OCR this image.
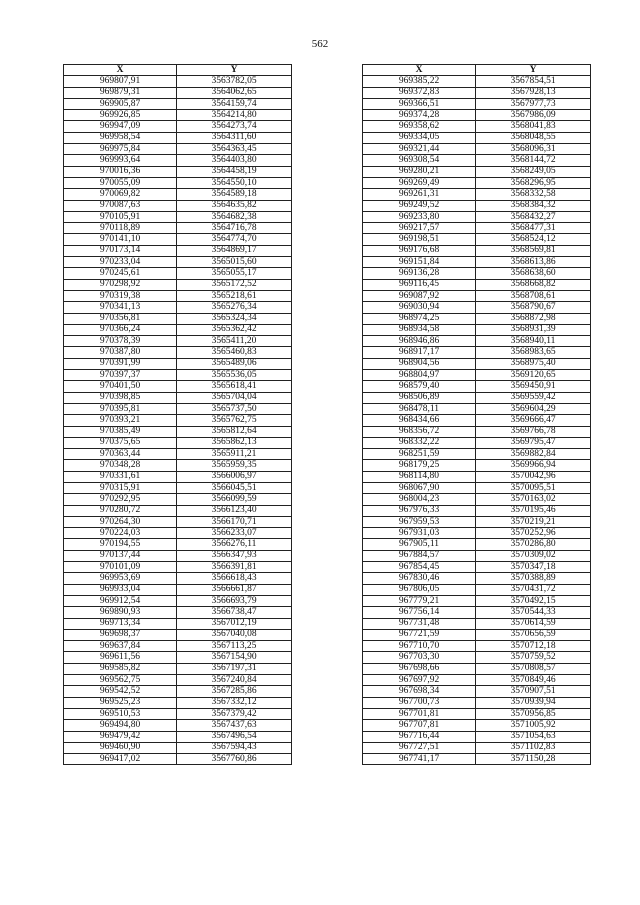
562
X	Y
969807,91	3563782,05
969879,31	3564062,65
969905,87	3564159,74
969926,85	3564214,80
969947,09	3564273,74
969958,54	3564311,60
969975,84	3564363,45
969993,64	3564403,80
970016,36	3564458,19
970055,09	3564550,10
970069,82	3564589,18
970087,63	3564635,82
970105,91	3564682,38
970118,89	3564716,78
970141,10	3564774,70
970173,14	3564869,17
970233,04	3565015,60
970245,61	3565055,17
970298,92	3565172,52
970319,38	3565218,61
970341,13	3565276,34
970356,81	3565324,34
970366,24	3565362,42
970378,39	3565411,20
970387,80	3565460,83
970391,99	3565489,06
970397,37	3565536,05
970401,50	3565618,41
970398,85	3565704,04
970395,81	3565737,50
970393,21	3565762,75
970385,49	3565812,64
970375,65	3565862,13
970363,44	3565911,21
970348,28	3565959,35
970331,61	3566006,97
970315,91	3566045,51
970292,95	3566099,59
970280,72	3566123,40
970264,30	3566170,71
970224,03	3566233,07
970194,55	3566276,11
970137,44	3566347,93
970101,09	3566391,81
969953,69	3566618,43
969933,04	3566661,87
969912,54	3566693,79
969890,93	3566738,47
969713,34	3567012,19
969698,37	3567040,08
969637,84	3567113,25
969611,56	3567154,90
969585,82	3567197,31
969562,75	3567240,84
969542,52	3567285,86
969525,23	3567332,12
969510,53	3567379,42
969494,80	3567437,63
969479,42	3567496,54
969460,90	3567594,43
969417,02	3567760,86
X	Y
969385,22	3567854,51
969372,83	3567928,13
969366,51	3567977,73
969374,28	3567986,09
969358,62	3568041,83
969334,05	3568048,55
969321,44	3568096,31
969308,54	3568144,72
969280,21	3568249,05
969269,49	3568296,95
969261,31	3568332,58
969249,52	3568384,32
969233,80	3568432,27
969217,57	3568477,31
969198,51	3568524,12
969176,68	3568569,81
969151,84	3568613,86
969136,28	3568638,60
969116,45	3568668,82
969087,92	3568708,61
969030,94	3568790,67
968974,25	3568872,98
968934,58	3568931,39
968946,86	3568940,11
968917,17	3568983,65
968904,56	3568975,40
968804,97	3569120,65
968579,40	3569450,91
968506,89	3569559,42
968478,11	3569604,29
968434,66	3569666,47
968356,72	3569766,78
968332,22	3569795,47
968251,59	3569882,84
968179,25	3569966,94
968114,80	3570042,96
968067,90	3570095,51
968004,23	3570163,02
967976,33	3570195,46
967959,53	3570219,21
967931,03	3570252,96
967905,11	3570286,80
967884,57	3570309,02
967854,45	3570347,18
967830,46	3570388,89
967806,05	3570431,72
967779,21	3570492,15
967756,14	3570544,33
967731,48	3570614,59
967721,59	3570656,59
967710,70	3570712,18
967703,30	3570759,52
967698,66	3570808,57
967697,92	3570849,46
967698,34	3570907,51
967700,73	3570939,94
967701,81	3570956,85
967707,81	3571005,92
967716,44	3571054,63
967727,51	3571102,83
967741,17	3571150,28
